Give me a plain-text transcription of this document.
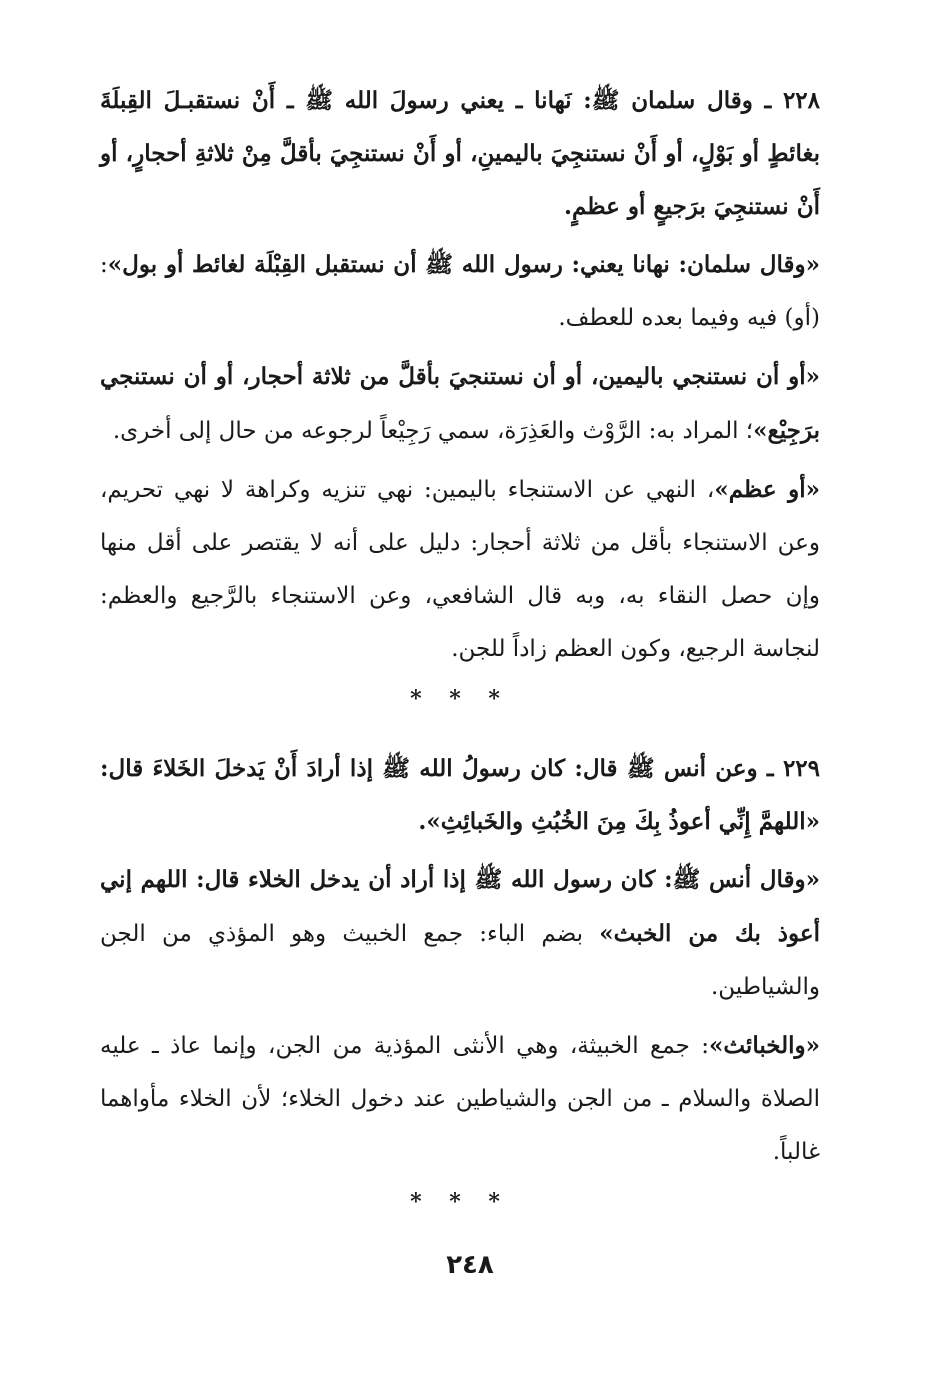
٢٢٨ ـ وقال سلمان ﷺ: نَهانا ـ يعني رسولَ الله ﷺ ـ أَنْ نستقبـلَ القِبلَةَ بغائطٍ أو بَوْلٍ، أو أَنْ نستنجِيَ باليمينِ، أو أَنْ نستنجِيَ بأقلَّ مِنْ ثلاثةِ أحجارٍ، أو أَنْ نستنجِيَ برَجيعٍ أو عظمٍ.

«وقال سلمان: نهانا يعني: رسول الله ﷺ أن نستقبل القِبْلَة لغائط أو بول»: (أو) فيه وفيما بعده للعطف.

«أو أن نستنجي باليمين، أو أن نستنجيَ بأقلَّ من ثلاثة أحجار، أو أن نستنجي برَجِيْع»؛ المراد به: الرَّوْث والعَذِرَة، سمي رَجِيْعاً لرجوعه من حال إلى أخرى.

«أو عظم»، النهي عن الاستنجاء باليمين: نهي تنزيه وكراهة لا نهي تحريم، وعن الاستنجاء بأقل من ثلاثة أحجار: دليل على أنه لا يقتصر على أقل منها وإن حصل النقاء به، وبه قال الشافعي، وعن الاستنجاء بالرَّجيع والعظم: لنجاسة الرجيع، وكون العظم زاداً للجن.

* * *

٢٢٩ ـ وعن أنس ﷺ قال: كان رسولُ الله ﷺ إذا أرادَ أَنْ يَدخلَ الخَلاءَ قال: «اللهمَّ إِنِّي أعوذُ بِكَ مِنَ الخُبُثِ والخَبائِثِ».

«وقال أنس ﷺ: كان رسول الله ﷺ إذا أراد أن يدخل الخلاء قال: اللهم إني أعوذ بك من الخبث» بضم الباء: جمع الخبيث وهو المؤذي من الجن والشياطين.

«والخبائث»: جمع الخبيثة، وهي الأنثى المؤذية من الجن، وإنما عاذ ـ عليه الصلاة والسلام ـ من الجن والشياطين عند دخول الخلاء؛ لأن الخلاء مأواهما غالباً.

* * *
٢٤٨
